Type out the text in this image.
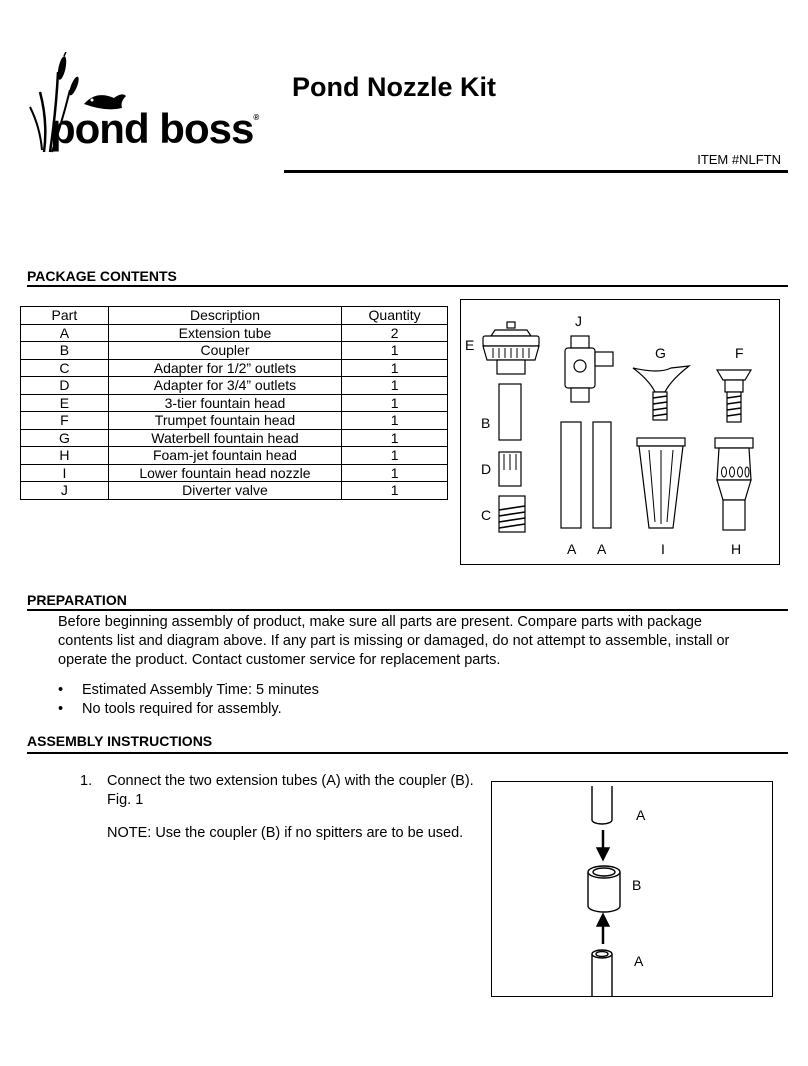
pond boss®
Pond Nozzle Kit
ITEM #NLFTN
PACKAGE CONTENTS
Part	Description	Quantity
A	Extension tube	2
B	Coupler	1
C	Adapter for 1/2” outlets	1
D	Adapter for 3/4” outlets	1
E	3-tier fountain head	1
F	Trumpet fountain head	1
G	Waterbell fountain head	1
H	Foam-jet fountain head	1
I	Lower fountain head nozzle	1
J	Diverter valve	1
E
J
G	F
B
D
C
A A	I	H
PREPARATION

Before beginning assembly of product, make sure all parts are present. Compare parts with package contents list and diagram above. If any part is missing or damaged, do not attempt to assemble, install or operate the product. Contact customer service for replacement parts.

• Estimated Assembly Time: 5 minutes
• No tools required for assembly.
ASSEMBLY INSTRUCTIONS
1. Connect the two extension tubes (A) with the coupler (B). Fig. 1

NOTE: Use the coupler (B) if no spitters are to be used.

A
B
A
